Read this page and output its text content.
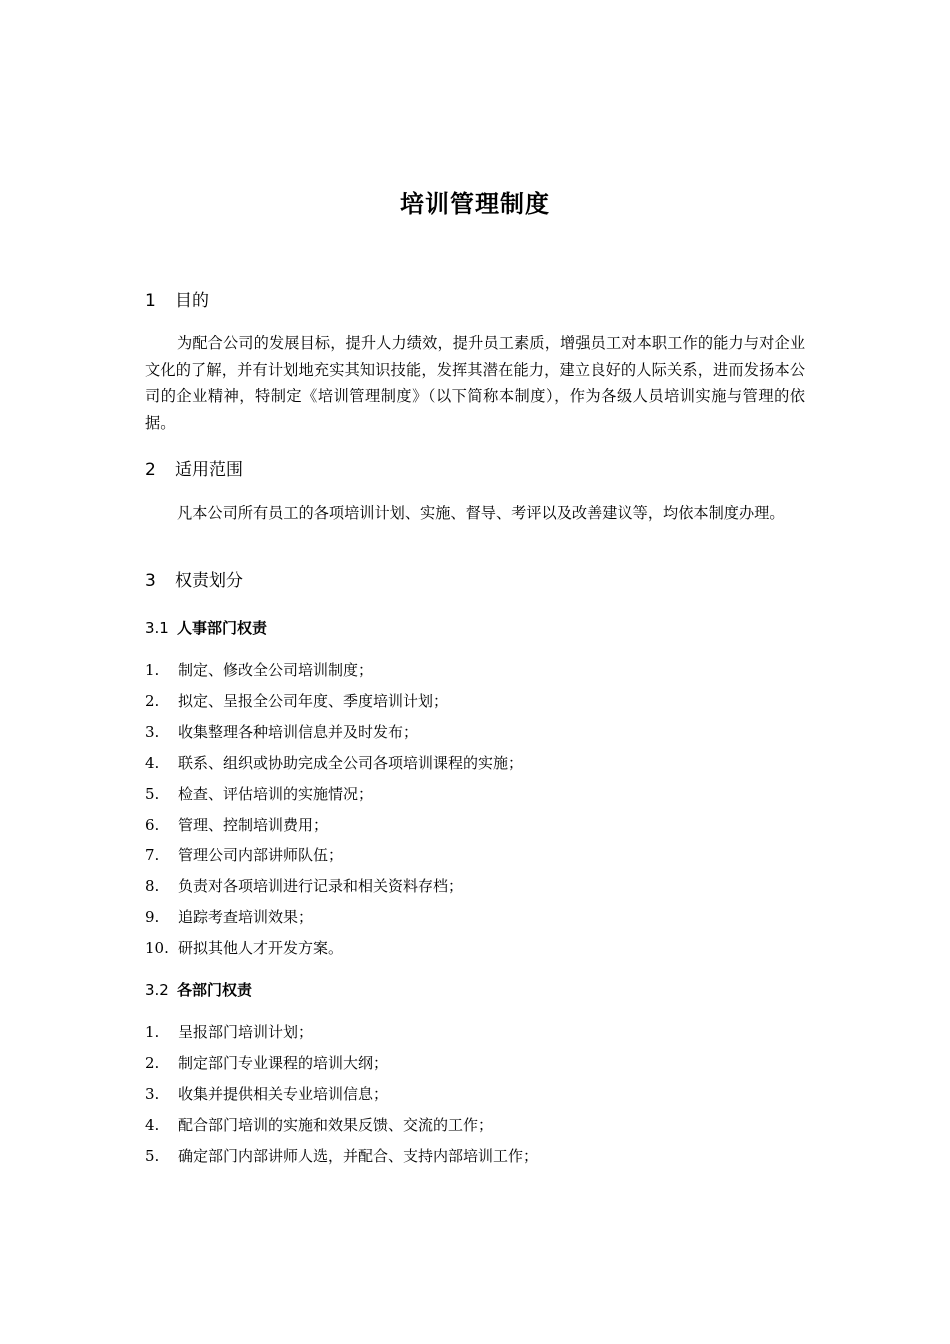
培训管理制度
1 目的
为配合公司的发展目标，提升人力绩效，提升员工素质，增强员工对本职工作的能力与对企业文化的了解，并有计划地充实其知识技能，发挥其潜在能力，建立良好的人际关系，进而发扬本公司的企业精神，特制定《培训管理制度》（以下简称本制度），作为各级人员培训实施与管理的依据。
2 适用范围
凡本公司所有员工的各项培训计划、实施、督导、考评以及改善建议等，均依本制度办理。
3 权责划分
3.1 人事部门权责
1. 制定、修改全公司培训制度；
2. 拟定、呈报全公司年度、季度培训计划；
3. 收集整理各种培训信息并及时发布；
4. 联系、组织或协助完成全公司各项培训课程的实施；
5. 检查、评估培训的实施情况；
6. 管理、控制培训费用；
7. 管理公司内部讲师队伍；
8. 负责对各项培训进行记录和相关资料存档；
9. 追踪考查培训效果；
10. 研拟其他人才开发方案。
3.2 各部门权责
1. 呈报部门培训计划；
2. 制定部门专业课程的培训大纲；
3. 收集并提供相关专业培训信息；
4. 配合部门培训的实施和效果反馈、交流的工作；
5. 确定部门内部讲师人选，并配合、支持内部培训工作；
